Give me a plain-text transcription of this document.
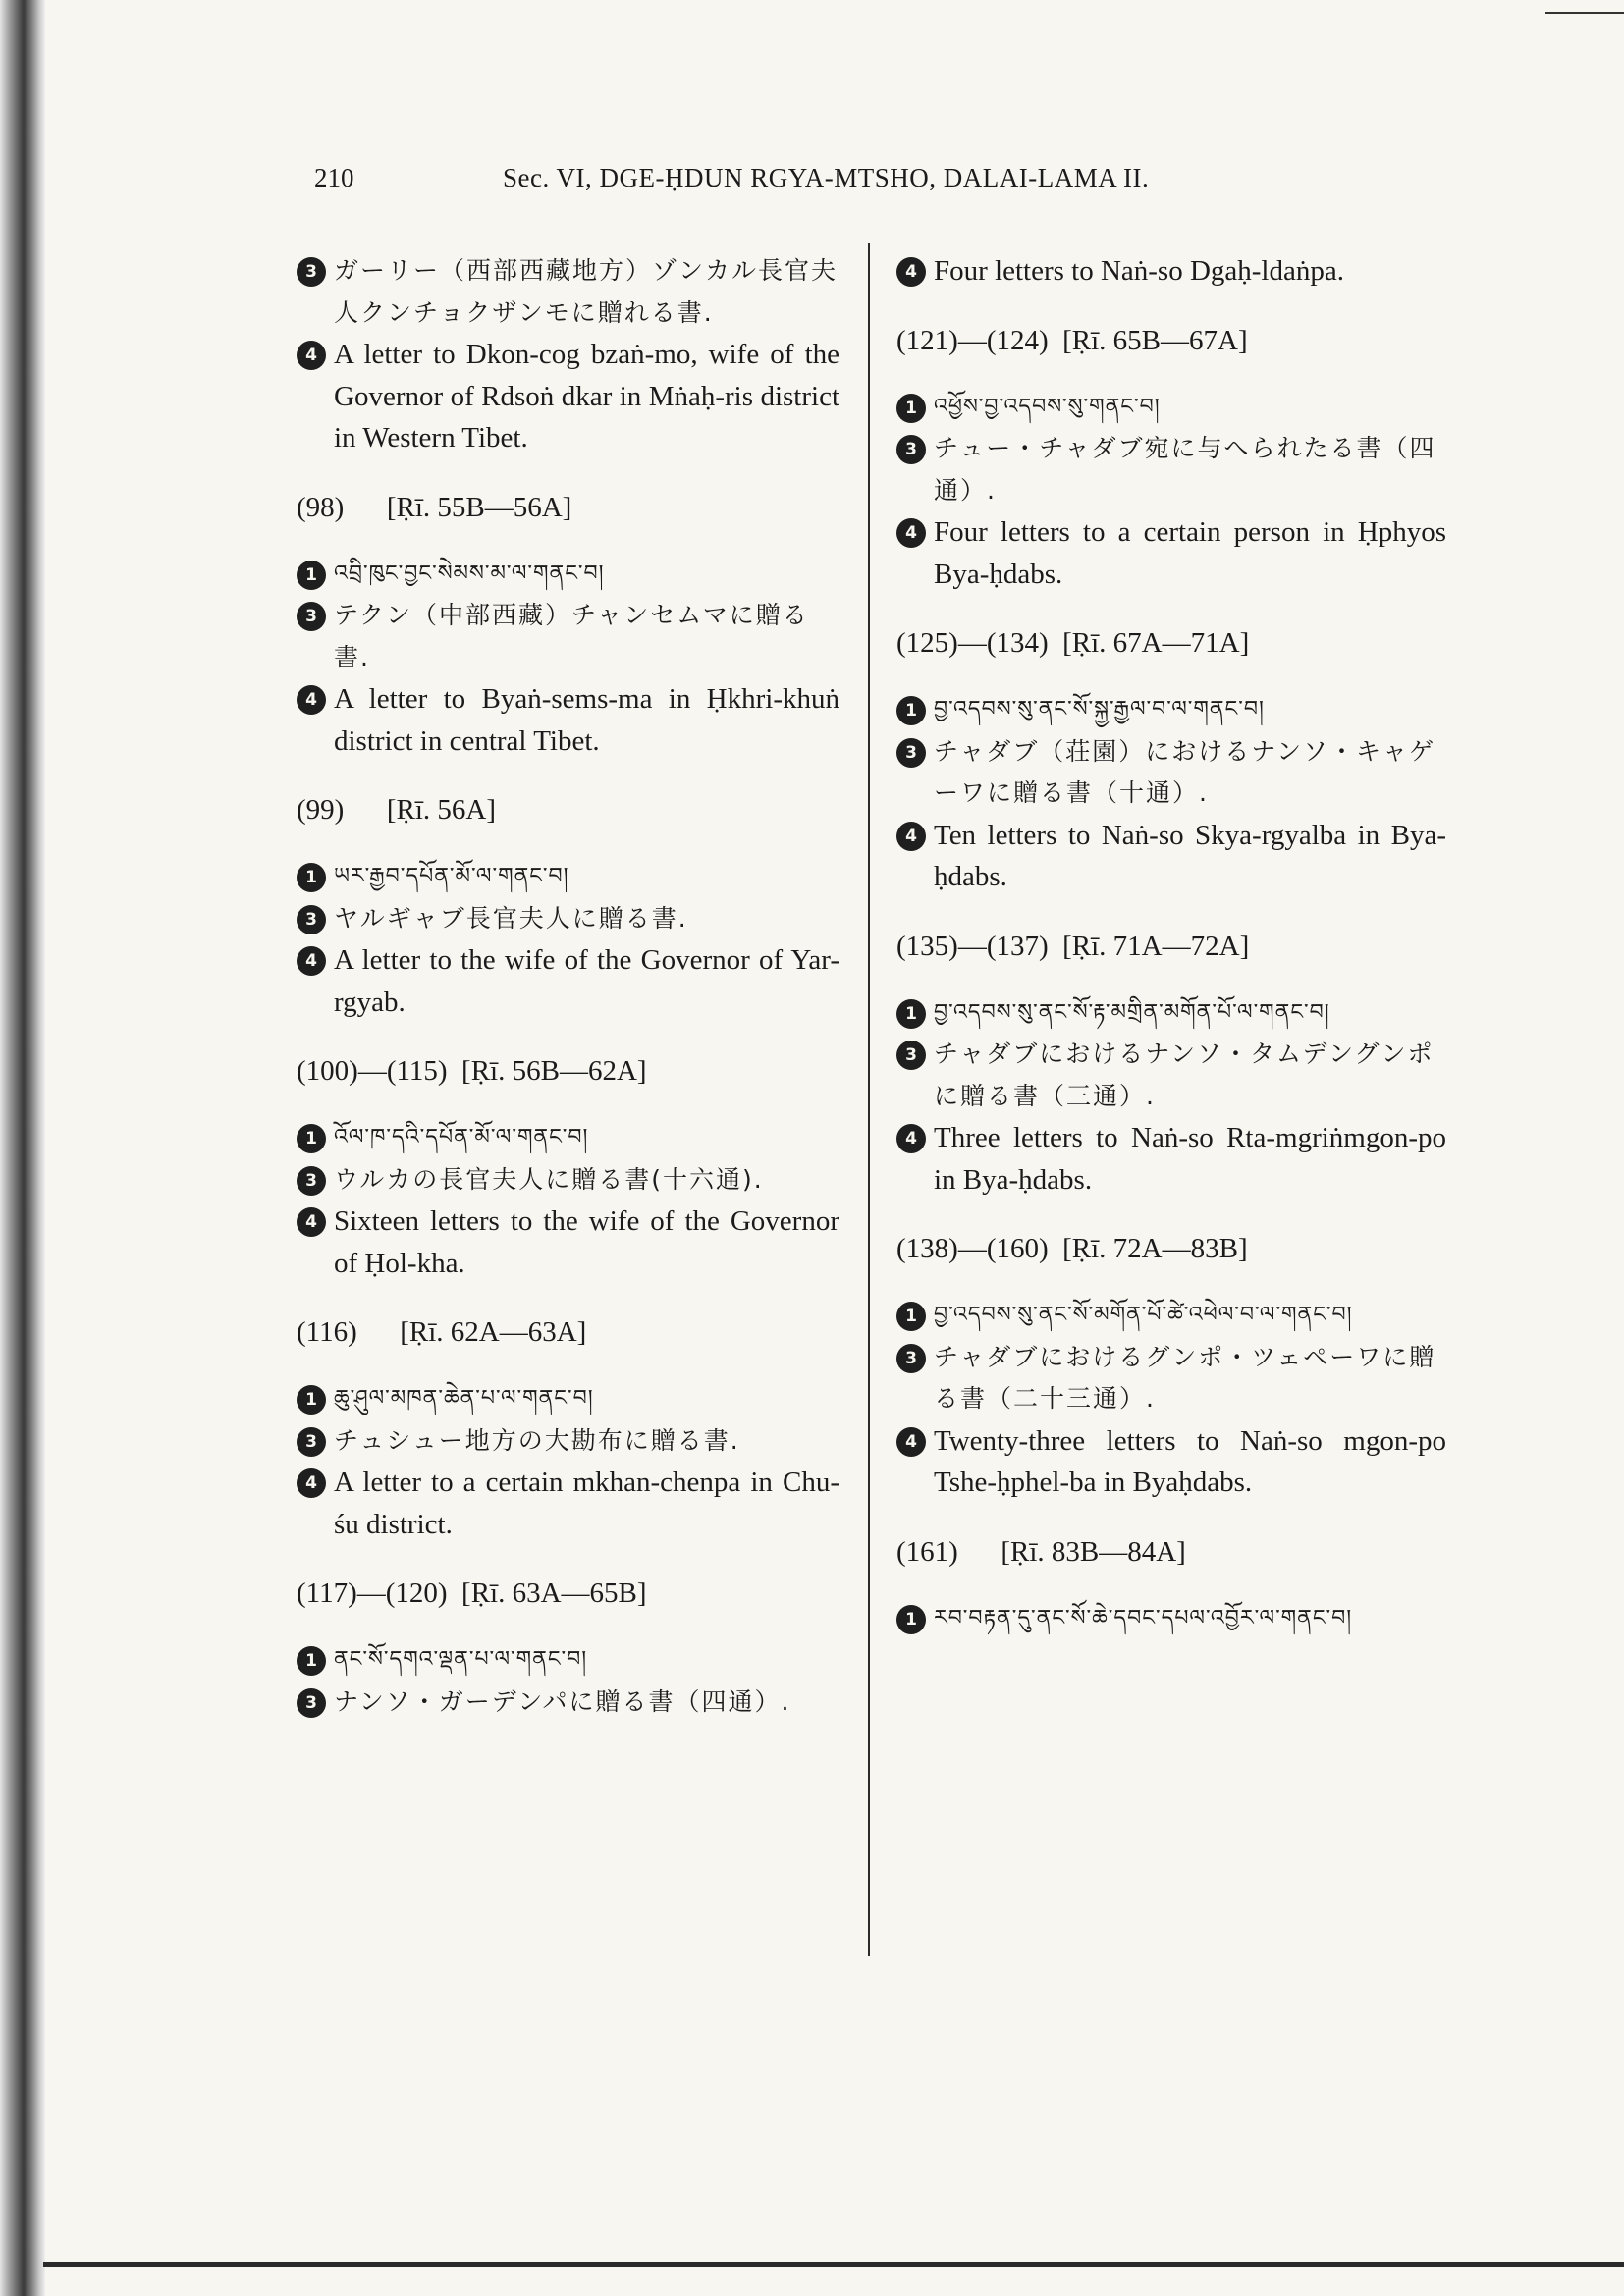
210	Sec. VI, DGE-ḤDUN RGYA-MTSHO, DALAI-LAMA II.
3 ガーリー（西部西藏地方）ゾンカル長官夫人クンチョクザンモに贈れる書.
4 A letter to Dkon-cog bzaṅ-mo, wife of the Governor of Rdsoṅ dkar in Mṅaḥ-ris district in Western Tibet.
(98)      [Ṛī. 55B—56A]
1 འབྲི་ཁུང་བྱང་སེམས་མ་ལ་གནང་བ།
3 テクン（中部西藏）チャンセムマに贈る書.
4 A letter to Byaṅ-sems-ma in Ḥkhri-khuṅ district in central Tibet.
(99)      [Ṛī. 56A]
1 ཡར་རྒྱབ་དཔོན་མོ་ལ་གནང་བ།
3 ヤルギャブ長官夫人に贈る書.
4 A letter to the wife of the Governor of Yar-rgyab.
(100)—(115)  [Ṛī. 56B—62A]
1 འོལ་ཁ་དའི་དཔོན་མོ་ལ་གནང་བ།
3 ウルカの長官夫人に贈る書(十六通).
4 Sixteen letters to the wife of the Governor of Ḥol-kha.
(116)      [Ṛī. 62A—63A]
1 ཆུ་ཤུལ་མཁན་ཆེན་པ་ལ་གནང་བ།
3 チュシュー地方の大勘布に贈る書.
4 A letter to a certain mkhan-chenpa in Chu-śu district.
(117)—(120)  [Ṛī. 63A—65B]
1 ནང་སོ་དགའ་ལྡན་པ་ལ་གནང་བ།
3 ナンソ・ガーデンパに贈る書（四通）.
4 Four letters to Naṅ-so Dgaḥ-ldaṅpa.
(121)—(124)  [Ṛī. 65B—67A]
1 འཕྱོས་བྱ་འདབས་སུ་གནང་བ།
3 チュー・チャダブ宛に与へられたる書（四通）.
4 Four letters to a certain person in Ḥphyos Bya-ḥdabs.
(125)—(134)  [Ṛī. 67A—71A]
1 བྱ་འདབས་སུ་ནང་སོ་སྐྱ་རྒྱལ་བ་ལ་གནང་བ།
3 チャダブ（荘園）におけるナンソ・キャゲーワに贈る書（十通）.
4 Ten letters to Naṅ-so Skya-rgyalba in Bya-ḥdabs.
(135)—(137)  [Ṛī. 71A—72A]
1 བྱ་འདབས་སུ་ནང་སོ་རྟ་མགྲིན་མགོན་པོ་ལ་གནང་བ།
3 チャダブにおけるナンソ・タムデングンポに贈る書（三通）.
4 Three letters to Naṅ-so Rta-mgriṅmgon-po in Bya-ḥdabs.
(138)—(160)  [Ṛī. 72A—83B]
1 བྱ་འདབས་སུ་ནང་སོ་མགོན་པོ་ཚེ་འཕེལ་བ་ལ་གནང་བ།
3 チャダブにおけるグンポ・ツェペーワに贈る書（二十三通）.
4 Twenty-three letters to Naṅ-so mgon-po Tshe-ḥphel-ba in Byaḥdabs.
(161)      [Ṛī. 83B—84A]
1 རབ་བརྟན་དུ་ནང་སོ་ཆེ་དབང་དཔལ་འབྱོར་ལ་གནང་བ།
